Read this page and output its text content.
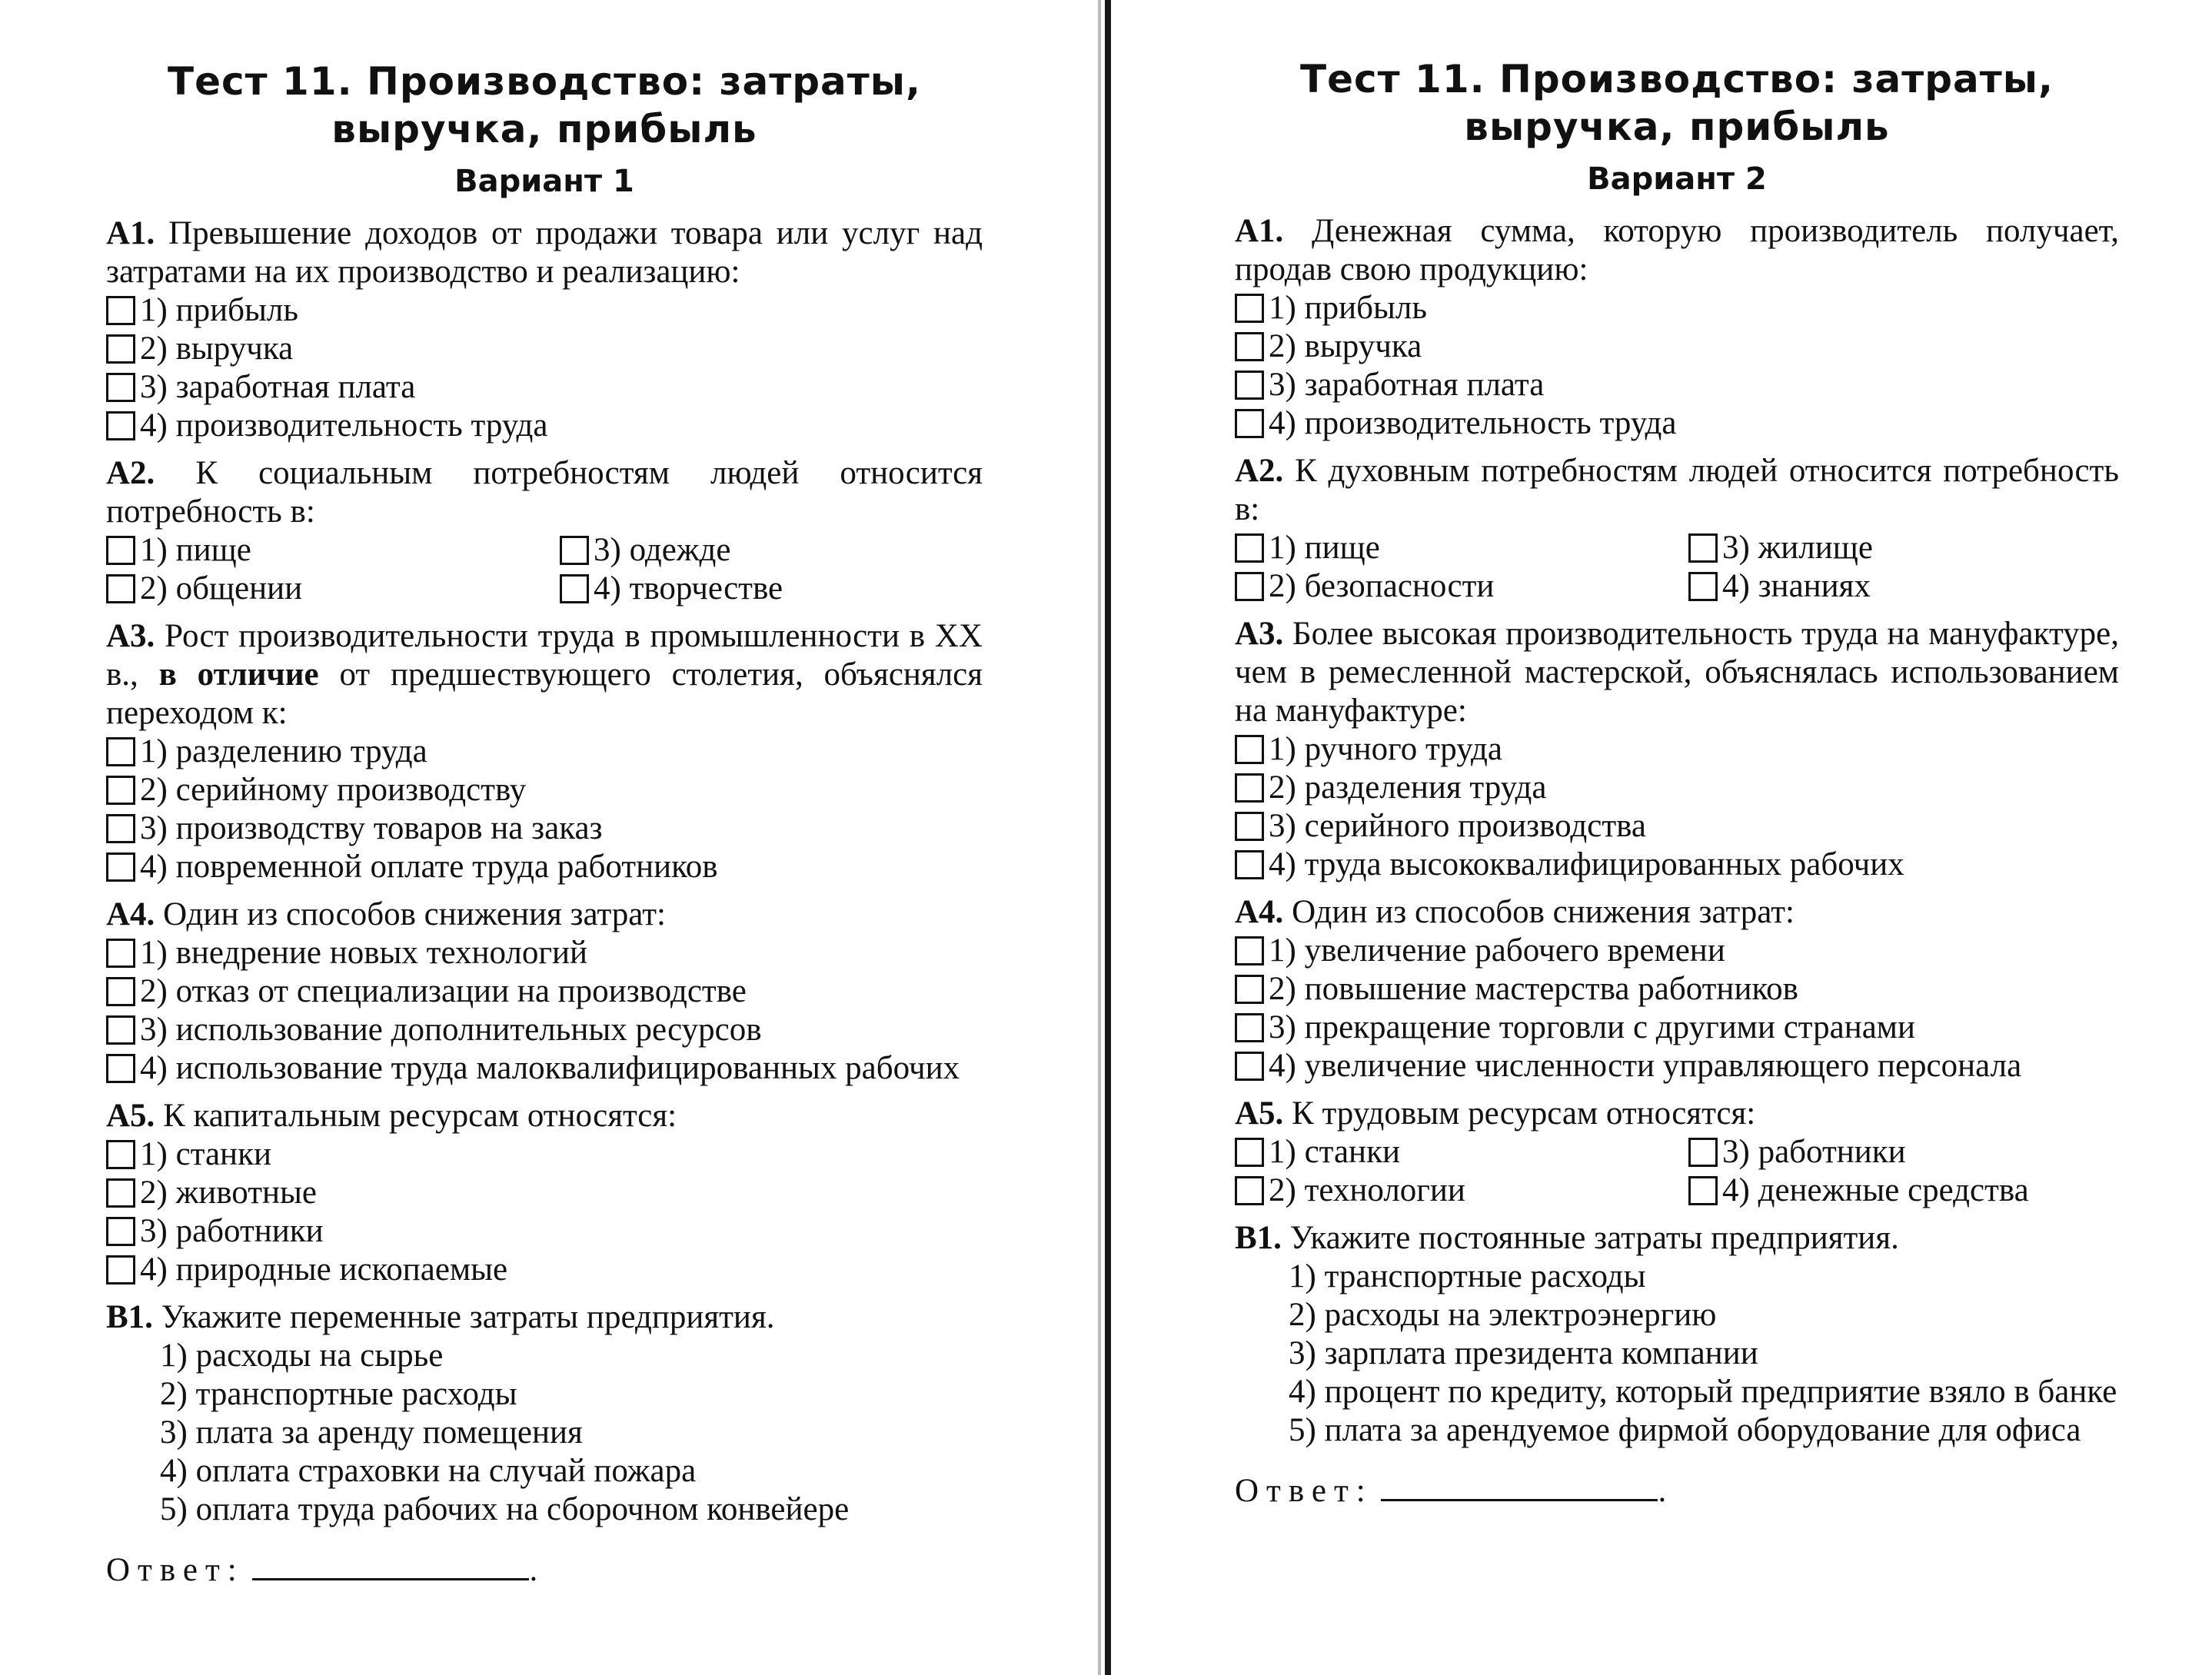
Тест 11. Производство: затраты,
выручка, прибыль
Вариант 1
А1. Превышение доходов от продажи товара или услуг над затратами на их производство и реализацию:
1) прибыль
2) выручка
3) заработная плата
4) производительность труда
А2. К социальным потребностям людей относится потребность в:
1) пище	3) одежде
2) общении	4) творчестве
А3. Рост производительности труда в промышленности в XX в., в отличие от предшествующего столетия, объяснялся переходом к:
1) разделению труда
2) серийному производству
3) производству товаров на заказ
4) повременной оплате труда работников
А4. Один из способов снижения затрат:
1) внедрение новых технологий
2) отказ от специализации на производстве
3) использование дополнительных ресурсов
4) использование труда малоквалифицированных рабочих
А5. К капитальным ресурсам относятся:
1) станки
2) животные
3) работники
4) природные ископаемые
В1. Укажите переменные затраты предприятия.
1) расходы на сырье
2) транспортные расходы
3) плата за аренду помещения
4) оплата страховки на случай пожара
5) оплата труда рабочих на сборочном конвейере
Ответ:	.
Тест 11. Производство: затраты,
выручка, прибыль
Вариант 2
А1. Денежная сумма, которую производитель получает, продав свою продукцию:
1) прибыль
2) выручка
3) заработная плата
4) производительность труда
А2. К духовным потребностям людей относится потребность в:
1) пище	3) жилище
2) безопасности	4) знаниях
А3. Более высокая производительность труда на мануфактуре, чем в ремесленной мастерской, объяснялась использованием на мануфактуре:
1) ручного труда
2) разделения труда
3) серийного производства
4) труда высококвалифицированных рабочих
А4. Один из способов снижения затрат:
1) увеличение рабочего времени
2) повышение мастерства работников
3) прекращение торговли с другими странами
4) увеличение численности управляющего персонала
А5. К трудовым ресурсам относятся:
1) станки	3) работники
2) технологии	4) денежные средства
В1. Укажите постоянные затраты предприятия.
1) транспортные расходы
2) расходы на электроэнергию
3) зарплата президента компании
4) процент по кредиту, который предприятие взяло в банке
5) плата за арендуемое фирмой оборудование для офиса
Ответ:	.
